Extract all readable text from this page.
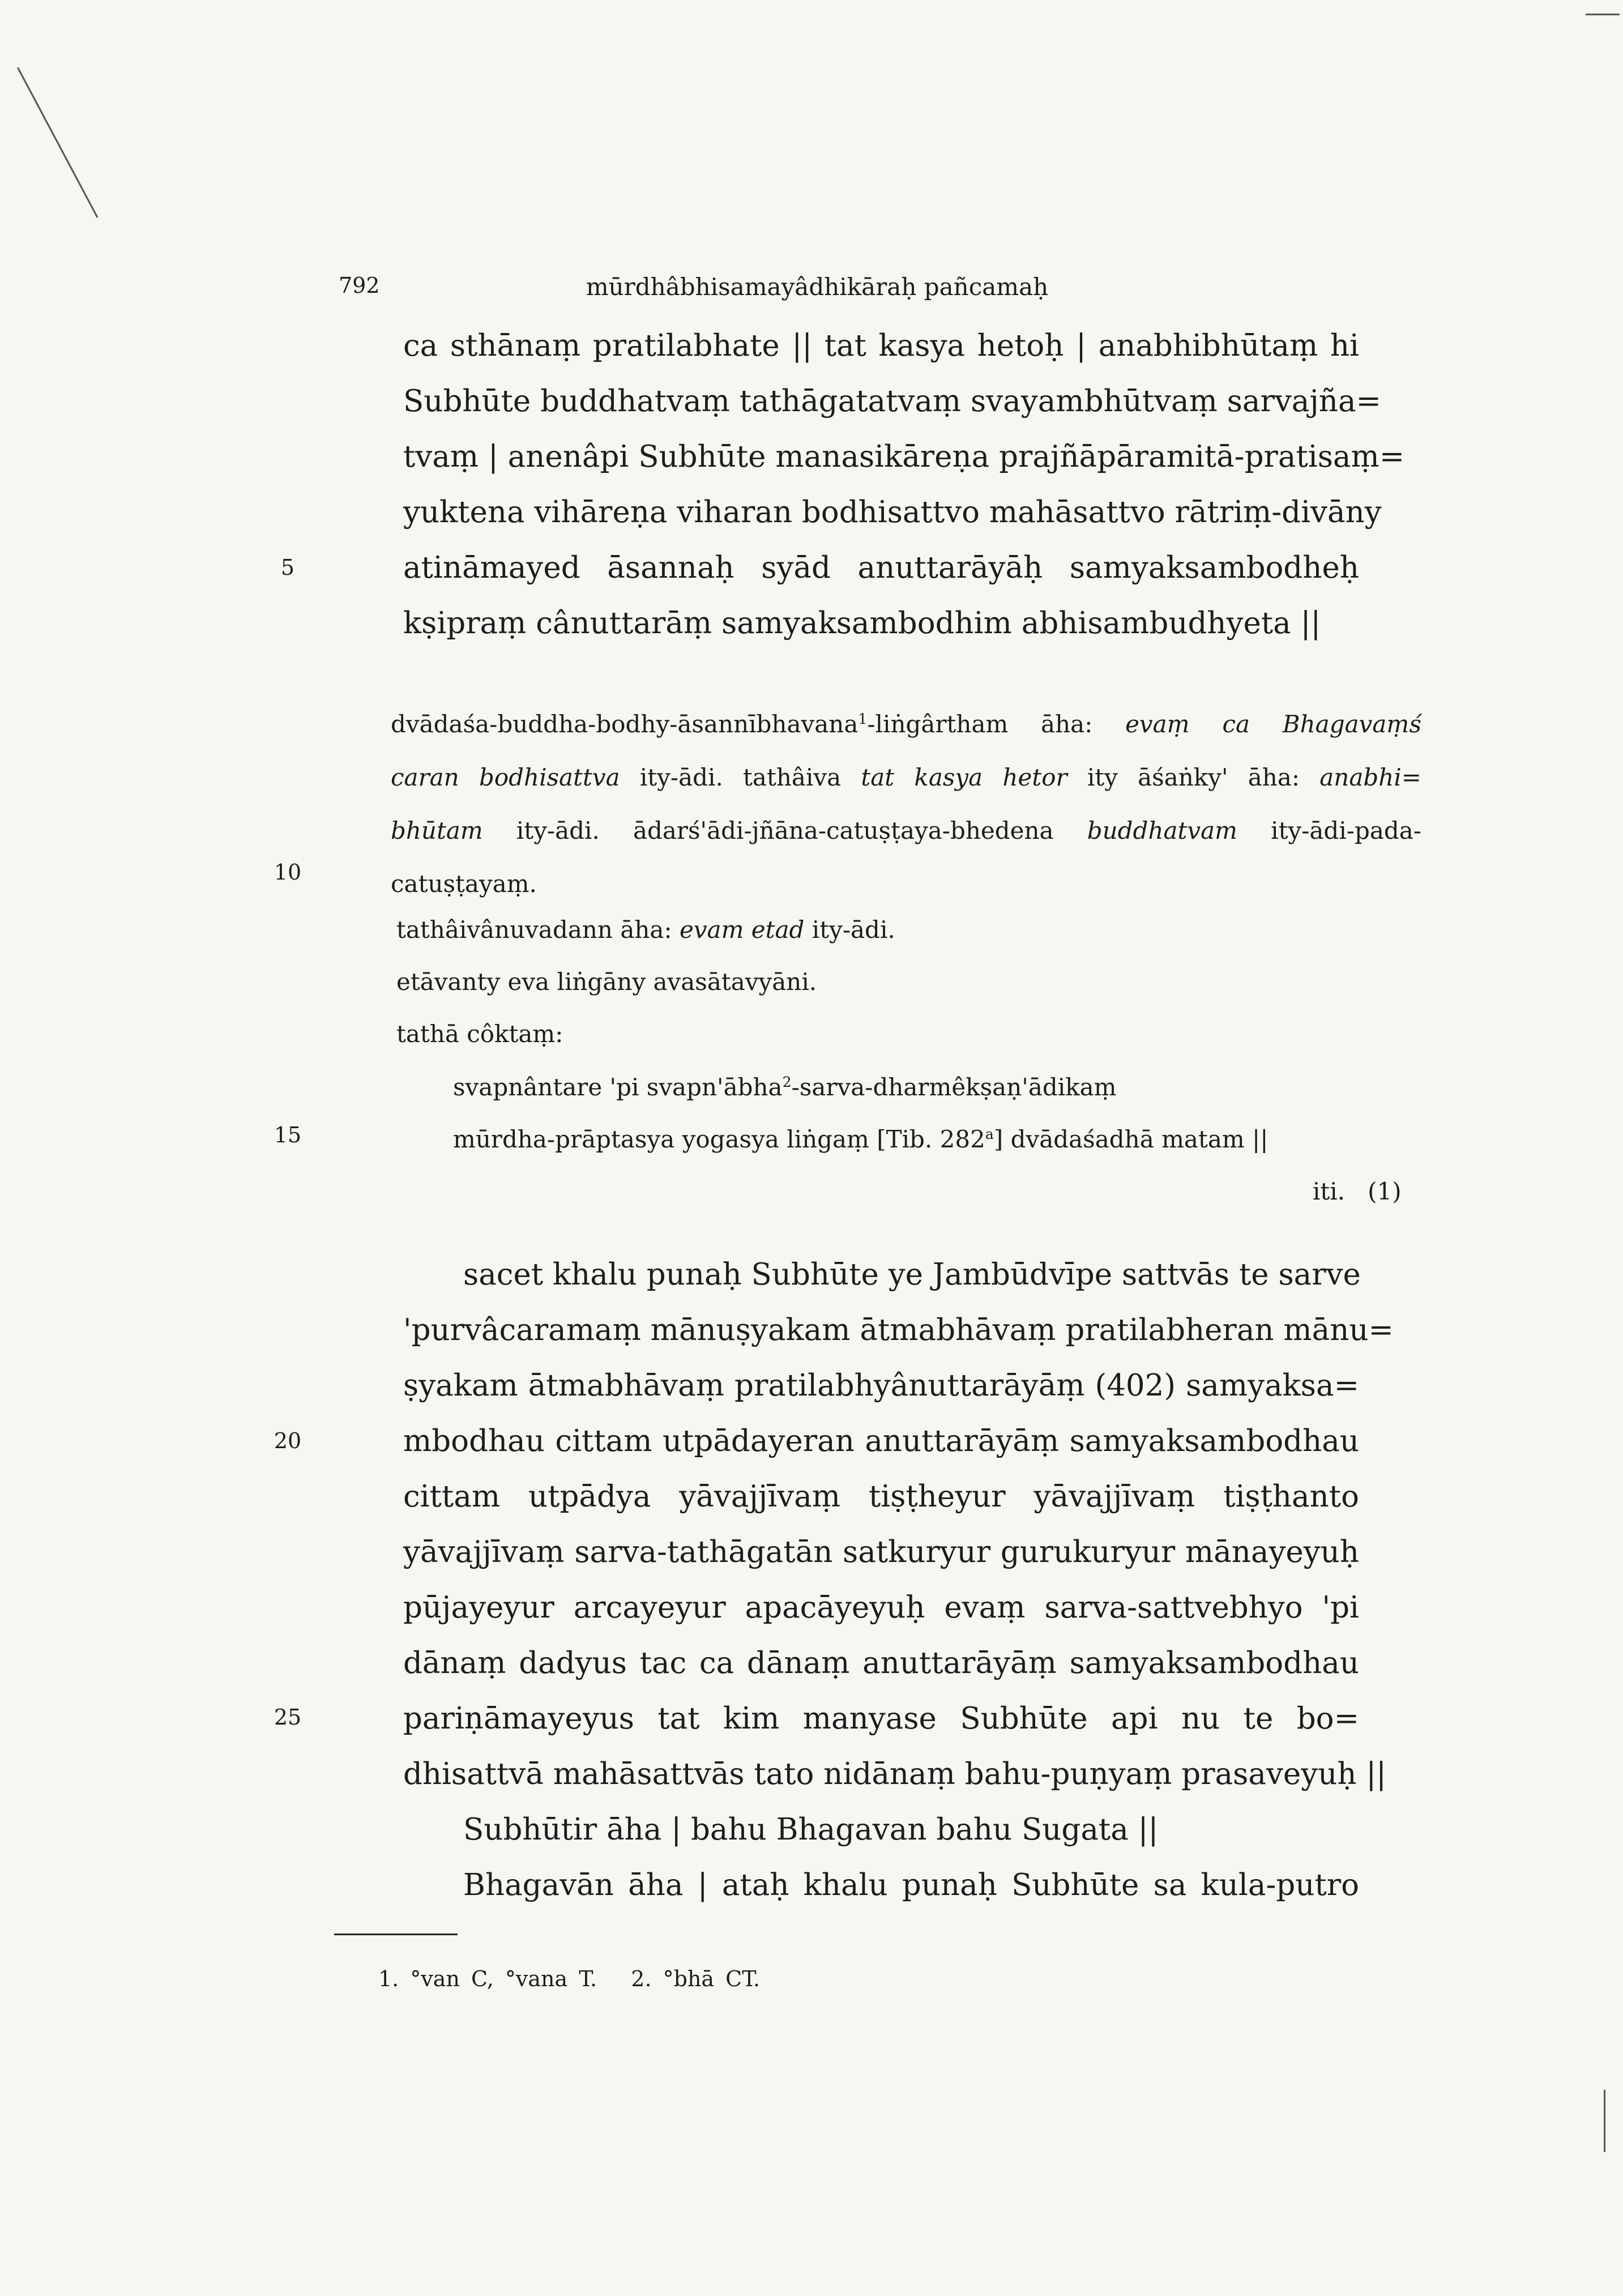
792	mūrdhâbhisamayâdhikāraḥ pañcamaḥ
ca sthānaṃ pratilabhate || tat kasya hetoḥ | anabhibhūtaṃ hi
Subhūte buddhatvaṃ tathāgatatvaṃ svayambhūtvaṃ sarvajña=
tvaṃ | anenâpi Subhūte manasikāreṇa prajñāpāramitā-pratisaṃ=
yuktena vihāreṇa viharan bodhisattvo mahāsattvo rātriṃ-divāny
atināmayed āsannaḥ syād anuttarāyāḥ samyaksambodheḥ
kṣipraṃ cânuttarāṃ samyaksambodhim abhisambudhyeta ||
dvādaśa-buddha-bodhy-āsannībhavana$^1$-liṅgârtham āha: evaṃ ca Bhagavaṃś
caran bodhisattva ity-ādi. tathâiva tat kasya hetor ity āśaṅky' āha: anabhi=
bhūtam ity-ādi. ādarś'ādi-jñāna-catuṣṭaya-bhedena buddhatvam ity-ādi-pada-
catuṣṭayaṃ.
tathâivânuvadann āha: evam etad ity-ādi.
etāvanty eva liṅgāny avasātavyāni.
tathā côktaṃ:
svapnântare 'pi svapn'ābha$^2$-sarva-dharmêkṣaṇ'ādikaṃ
mūrdha-prāptasya yogasya liṅgaṃ [Tib. 282$^a$] dvādaśadhā matam ||
iti. (1)
sacet khalu punaḥ Subhūte ye Jambūdvīpe sattvās te sarve
'purvâcaramaṃ mānuṣyakam ātmabhāvaṃ pratilabheran mānu=
ṣyakam ātmabhāvaṃ pratilabhyânuttarāyāṃ (402) samyaksa=
mbodhau cittam utpādayeran anuttarāyāṃ samyaksambodhau
cittam utpādya yāvajjīvaṃ tiṣṭheyur yāvajjīvaṃ tiṣṭhanto
yāvajjīvaṃ sarva-tathāgatān satkuryur gurukuryur mānayeyuḥ
pūjayeyur arcayeyur apacāyeyuḥ evaṃ sarva-sattvebhyo 'pi
dānaṃ dadyus tac ca dānaṃ anuttarāyāṃ samyaksambodhau
pariṇāmayeyus tat kim manyase Subhūte api nu te bo=
dhisattvā mahāsattvās tato nidānaṃ bahu-puṇyaṃ prasaveyuḥ ||
Subhūtir āha | bahu Bhagavan bahu Sugata ||
Bhagavān āha | ataḥ khalu punaḥ Subhūte sa kula-putro
5
10
15
20
25
1. °van C, °vana T.   2. °bhā CT.
